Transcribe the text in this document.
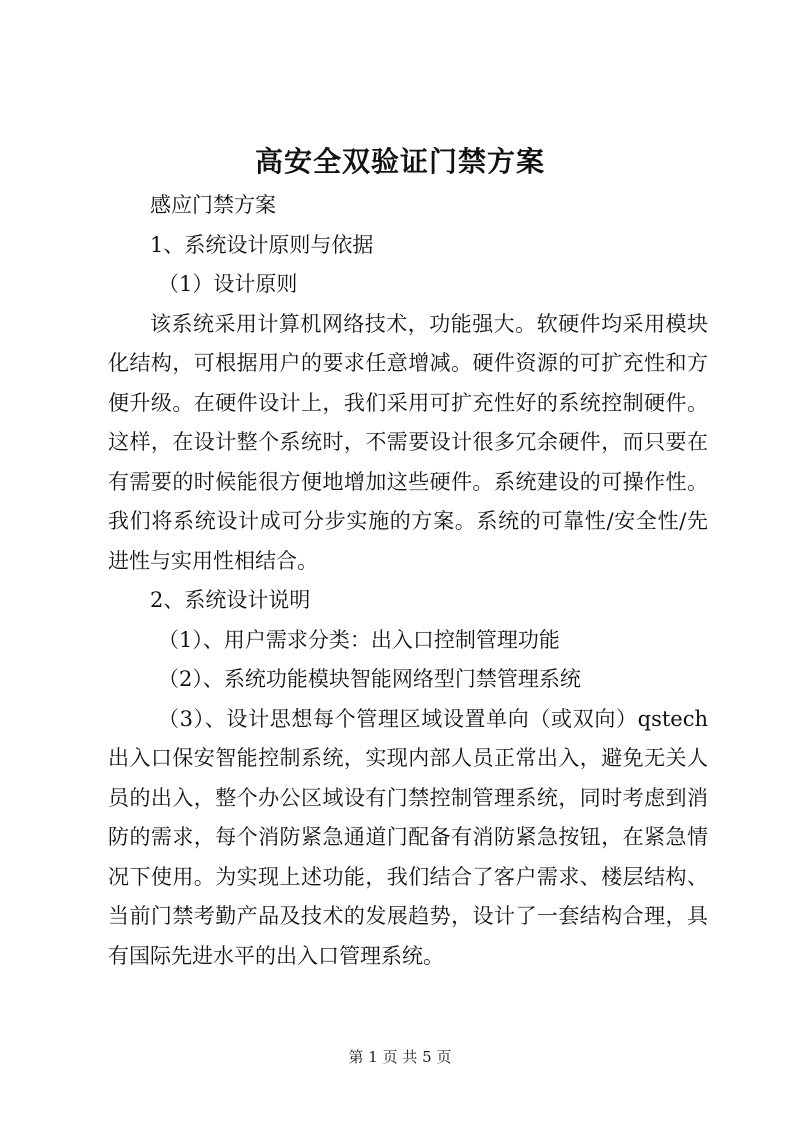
高安全双验证门禁方案

感应门禁方案

1、系统设计原则与依据

（1）设计原则

该系统采用计算机网络技术，功能强大。软硬件均采用模块化结构，可根据用户的要求任意增减。硬件资源的可扩充性和方便升级。在硬件设计上，我们采用可扩充性好的系统控制硬件。这样，在设计整个系统时，不需要设计很多冗余硬件，而只要在有需要的时候能很方便地增加这些硬件。系统建设的可操作性。我们将系统设计成可分步实施的方案。系统的可靠性/安全性/先进性与实用性相结合。

2、系统设计说明

（1）、用户需求分类：出入口控制管理功能

（2）、系统功能模块智能网络型门禁管理系统

（3）、设计思想每个管理区域设置单向（或双向）qstech出入口保安智能控制系统，实现内部人员正常出入，避免无关人员的出入，整个办公区域设有门禁控制管理系统，同时考虑到消防的需求，每个消防紧急通道门配备有消防紧急按钮，在紧急情况下使用。为实现上述功能，我们结合了客户需求、楼层结构、当前门禁考勤产品及技术的发展趋势，设计了一套结构合理，具有国际先进水平的出入口管理系统。

第 1 页 共 5 页
